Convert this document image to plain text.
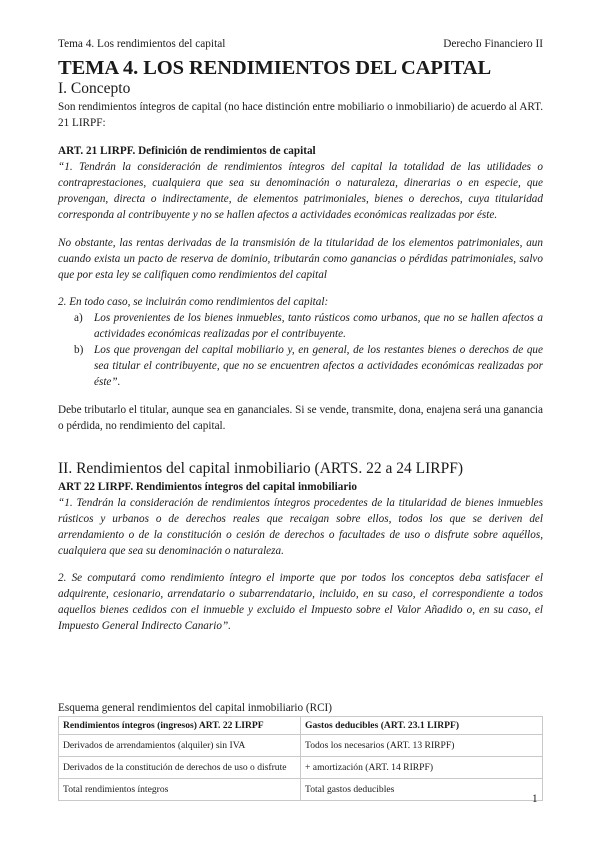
Tema 4. Los rendimientos del capital	Derecho Financiero II
TEMA 4. LOS RENDIMIENTOS DEL CAPITAL
I. Concepto
Son rendimientos íntegros de capital (no hace distinción entre mobiliario o inmobiliario) de acuerdo al ART. 21 LIRPF:
ART. 21 LIRPF. Definición de rendimientos de capital
“1. Tendrán la consideración de rendimientos íntegros del capital la totalidad de las utilidades o contraprestaciones, cualquiera que sea su denominación o naturaleza, dinerarias o en especie, que provengan, directa o indirectamente, de elementos patrimoniales, bienes o derechos, cuya titularidad corresponda al contribuyente y no se hallen afectos a actividades económicas realizadas por éste.
No obstante, las rentas derivadas de la transmisión de la titularidad de los elementos patrimoniales, aun cuando exista un pacto de reserva de dominio, tributarán como ganancias o pérdidas patrimoniales, salvo que por esta ley se califiquen como rendimientos del capital
2. En todo caso, se incluirán como rendimientos del capital:
a)	Los provenientes de los bienes inmuebles, tanto rústicos como urbanos, que no se hallen afectos a actividades económicas realizadas por el contribuyente.
b) Los que provengan del capital mobiliario y, en general, de los restantes bienes o derechos de que sea titular el contribuyente, que no se encuentren afectos a actividades económicas realizadas por éste”.
Debe tributarlo el titular, aunque sea en gananciales. Si se vende, transmite, dona, enajena será una ganancia o pérdida, no rendimiento del capital.
II. Rendimientos del capital inmobiliario (ARTS. 22 a 24 LIRPF)
ART 22 LIRPF. Rendimientos íntegros del capital inmobiliario
“1. Tendrán la consideración de rendimientos íntegros procedentes de la titularidad de bienes inmuebles rústicos y urbanos o de derechos reales que recaigan sobre ellos, todos los que se deriven del arrendamiento o de la constitución o cesión de derechos o facultades de uso o disfrute sobre aquéllos, cualquiera que sea su denominación o naturaleza.
2. Se computará como rendimiento íntegro el importe que por todos los conceptos deba satisfacer el adquirente, cesionario, arrendatario o subarrendatario, incluido, en su caso, el correspondiente a todos aquellos bienes cedidos con el inmueble y excluido el Impuesto sobre el Valor Añadido o, en su caso, el Impuesto General Indirecto Canario”.
Esquema general rendimientos del capital inmobiliario (RCI)
Rendimientos íntegros (ingresos) ART. 22 LIRPF	Gastos deducibles (ART. 23.1 LIRPF)
Derivados de arrendamientos (alquiler) sin IVA	Todos los necesarios (ART. 13 RIRPF)
Derivados de la constitución de derechos de uso o disfrute	+ amortización (ART. 14 RIRPF)
Total rendimientos íntegros	Total gastos deducibles
1
